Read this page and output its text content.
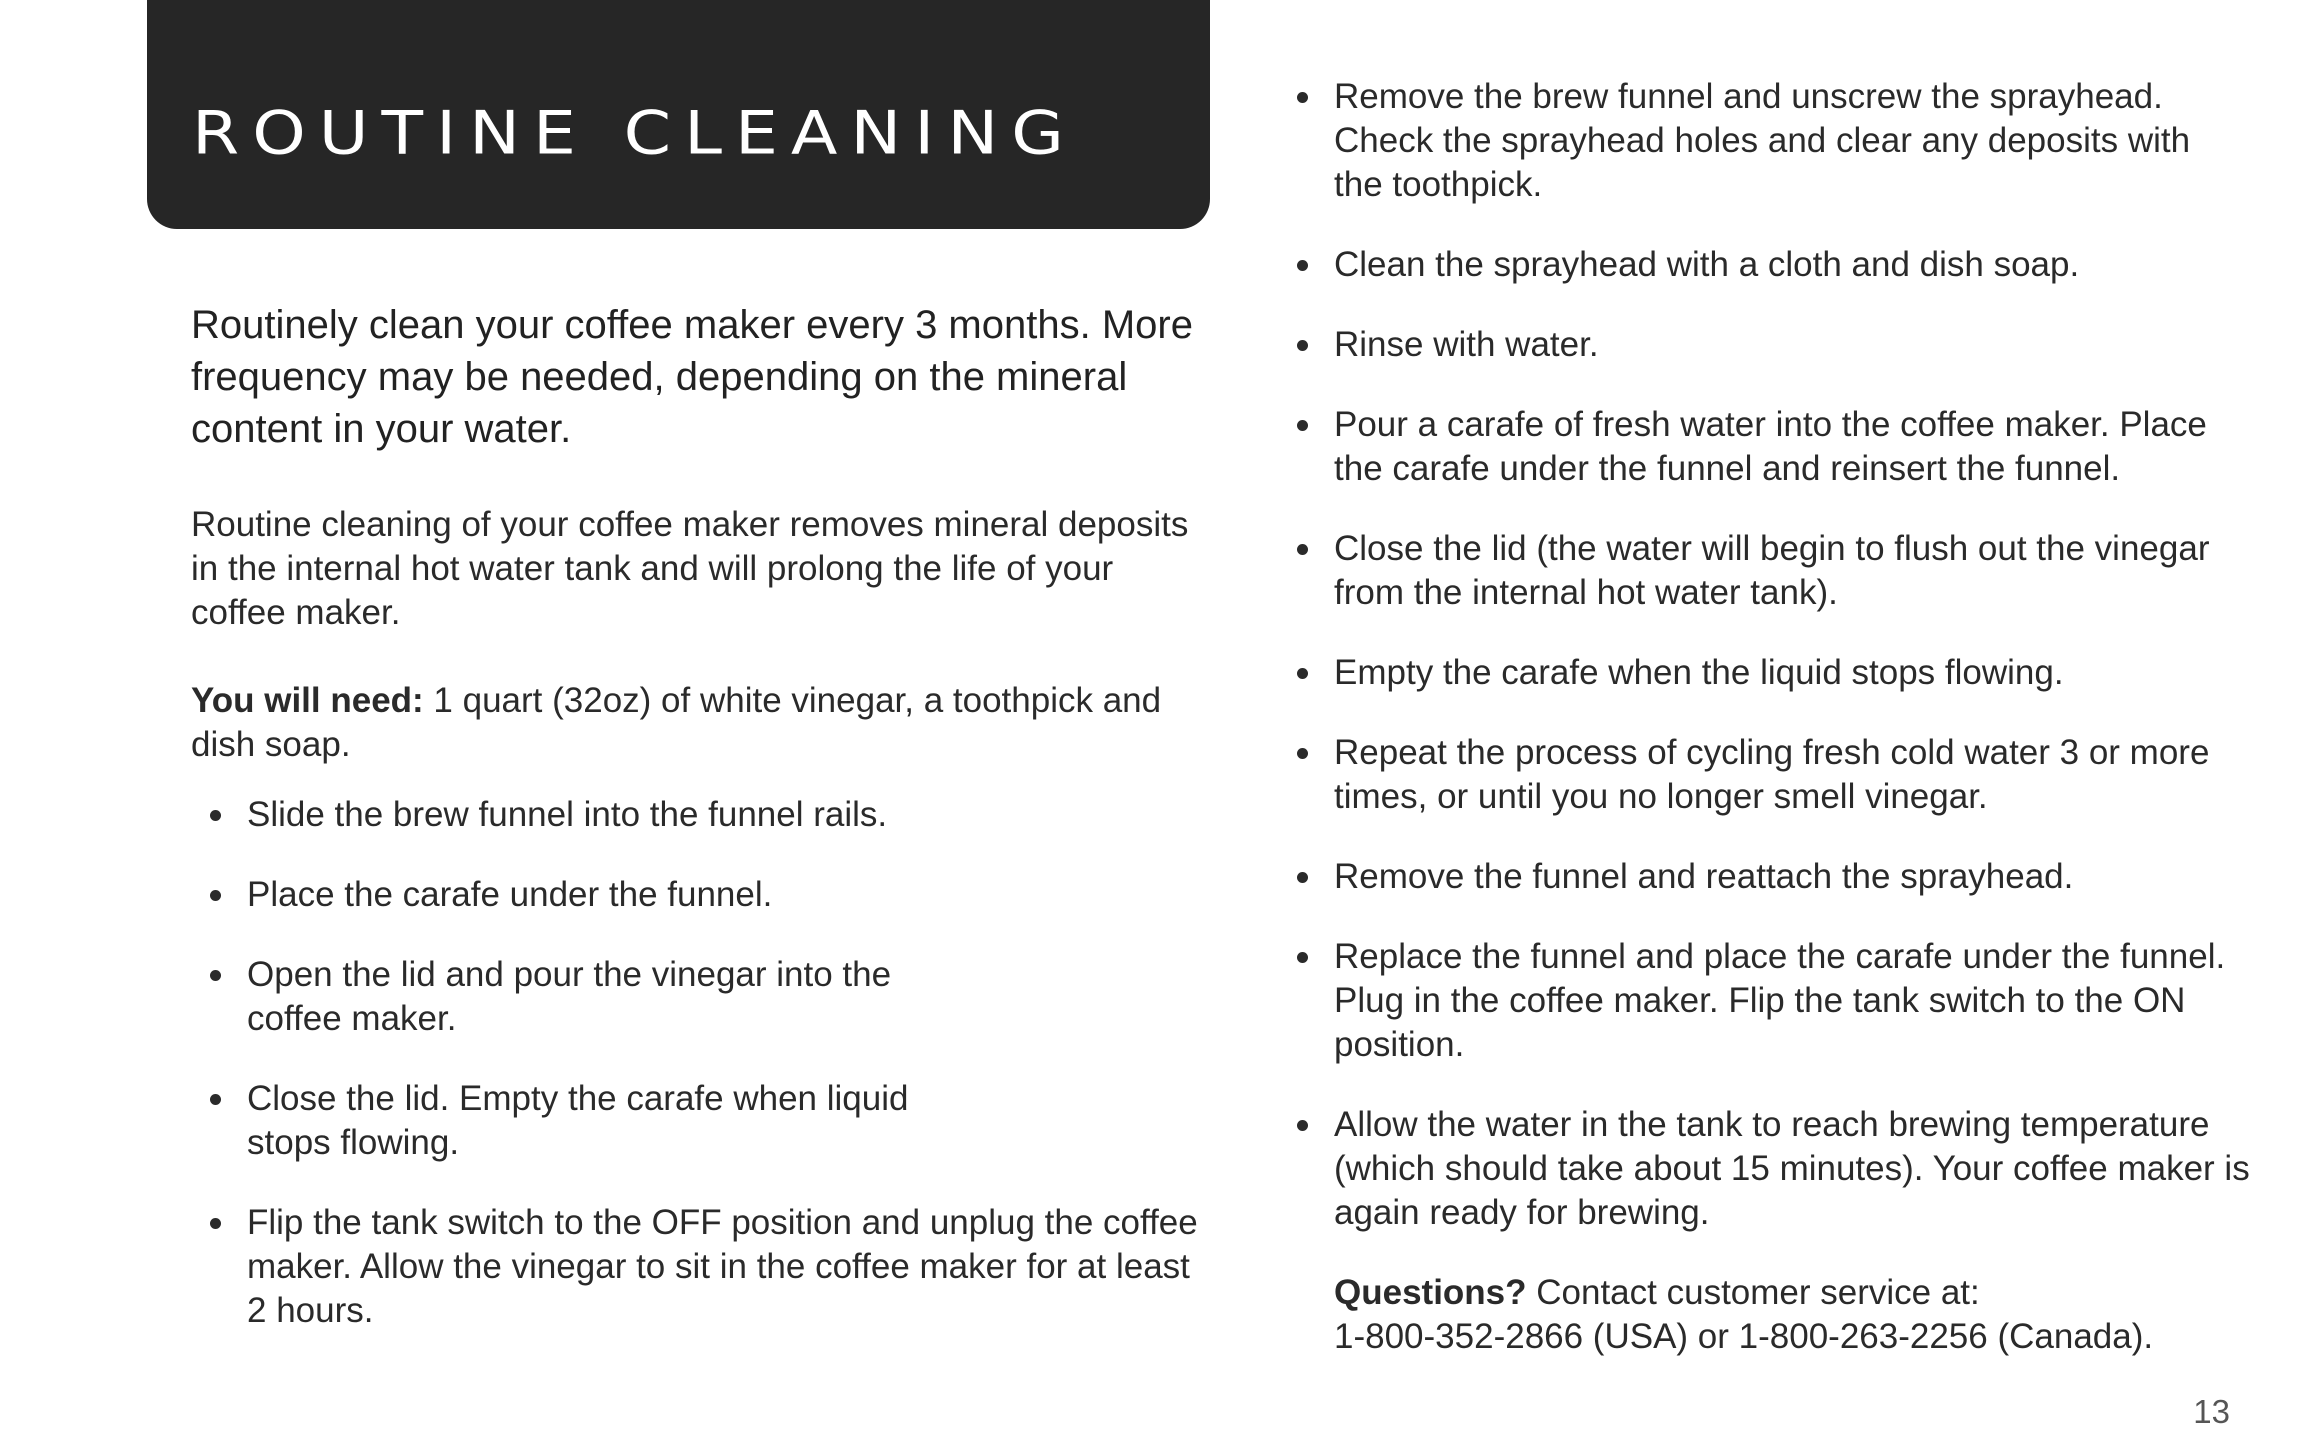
ROUTINE CLEANING

Routinely clean your coffee maker every 3 months. More frequency may be needed, depending on the mineral content in your water.

Routine cleaning of your coffee maker removes mineral deposits in the internal hot water tank and will prolong the life of your coffee maker.

You will need: 1 quart (32oz) of white vinegar, a toothpick and dish soap.

Slide the brew funnel into the funnel rails.
Place the carafe under the funnel.
Open the lid and pour the vinegar into the coffee maker.
Close the lid. Empty the carafe when liquid stops flowing.
Flip the tank switch to the OFF position and unplug the coffee maker. Allow the vinegar to sit in the coffee maker for at least 2 hours.
Remove the brew funnel and unscrew the sprayhead. Check the sprayhead holes and clear any deposits with the toothpick.
Clean the sprayhead with a cloth and dish soap.
Rinse with water.
Pour a carafe of fresh water into the coffee maker. Place the carafe under the funnel and reinsert the funnel.
Close the lid (the water will begin to flush out the vinegar from the internal hot water tank).
Empty the carafe when the liquid stops flowing.
Repeat the process of cycling fresh cold water 3 or more times, or until you no longer smell vinegar.
Remove the funnel and reattach the sprayhead.
Replace the funnel and place the carafe under the funnel. Plug in the coffee maker. Flip the tank switch to the ON position.
Allow the water in the tank to reach brewing temperature (which should take about 15 minutes). Your coffee maker is again ready for brewing.
Questions? Contact customer service at:
1-800-352-2866 (USA) or 1-800-263-2256 (Canada).
13
